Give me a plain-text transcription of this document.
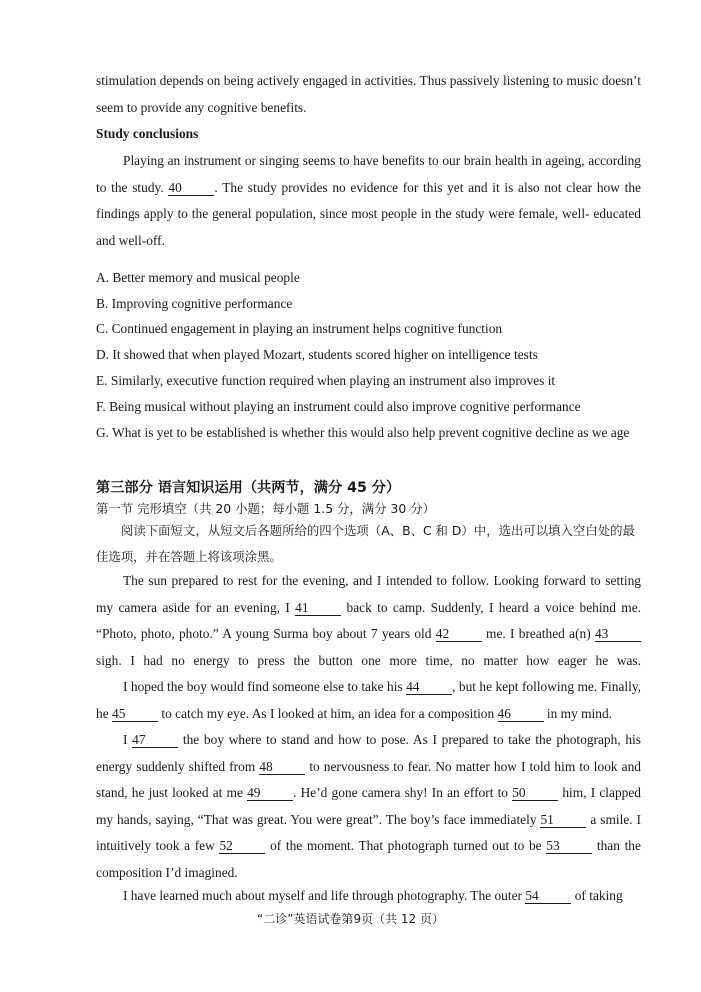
stimulation depends on being actively engaged in activities. Thus passively listening to music doesn’t seem to provide any cognitive benefits.

Study conclusions

Playing an instrument or singing seems to have benefits to our brain health in ageing, according to the study. 40 . The study provides no evidence for this yet and it is also not clear how the findings apply to the general population, since most people in the study were female, well- educated and well-off.

A. Better memory and musical people

B. Improving cognitive performance

C. Continued engagement in playing an instrument helps cognitive function

D. It showed that when played Mozart, students scored higher on intelligence tests

E. Similarly, executive function required when playing an instrument also improves it

F. Being musical without playing an instrument could also improve cognitive performance

G. What is yet to be established is whether this would also help prevent cognitive decline as we age

第三部分 语言知识运用（共两节，满分 45 分）

第一节 完形填空（共 20 小题；每小题 1.5 分，满分 30 分）

阅读下面短文，从短文后各题所给的四个选项（A、B、C 和 D）中，选出可以填入空白处的最佳选项，并在答题上将该项涂黑。

The sun prepared to rest for the evening, and I intended to follow. Looking forward to setting my camera aside for an evening, I 41	back to camp. Suddenly, I heard a voice behind me. “Photo, photo, photo.” A young Surma boy about 7 years old 42	me. I breathed a(n) 43 sigh. I had no energy to press the button one more time, no matter how eager he was.

I hoped the boy would find someone else to take his 44 , but he kept following me. Finally, he 45	to catch my eye. As I looked at him, an idea for a composition 46	in my mind.

I 47	the boy where to stand and how to pose. As I prepared to take the photograph, his energy suddenly shifted from 48	to nervousness to fear. No matter how I told him to look and stand, he just looked at me 49 . He’d gone camera shy! In an effort to 50	him, I clapped my hands, saying, “That was great. You were great”. The boy’s face immediately 51	a smile. I intuitively took a few 52	of the moment. That photograph turned out to be 53	than the composition I’d imagined.

I have learned much about myself and life through photography. The outer 54	of taking

“二诊”英语试卷第9页（共 12 页）
